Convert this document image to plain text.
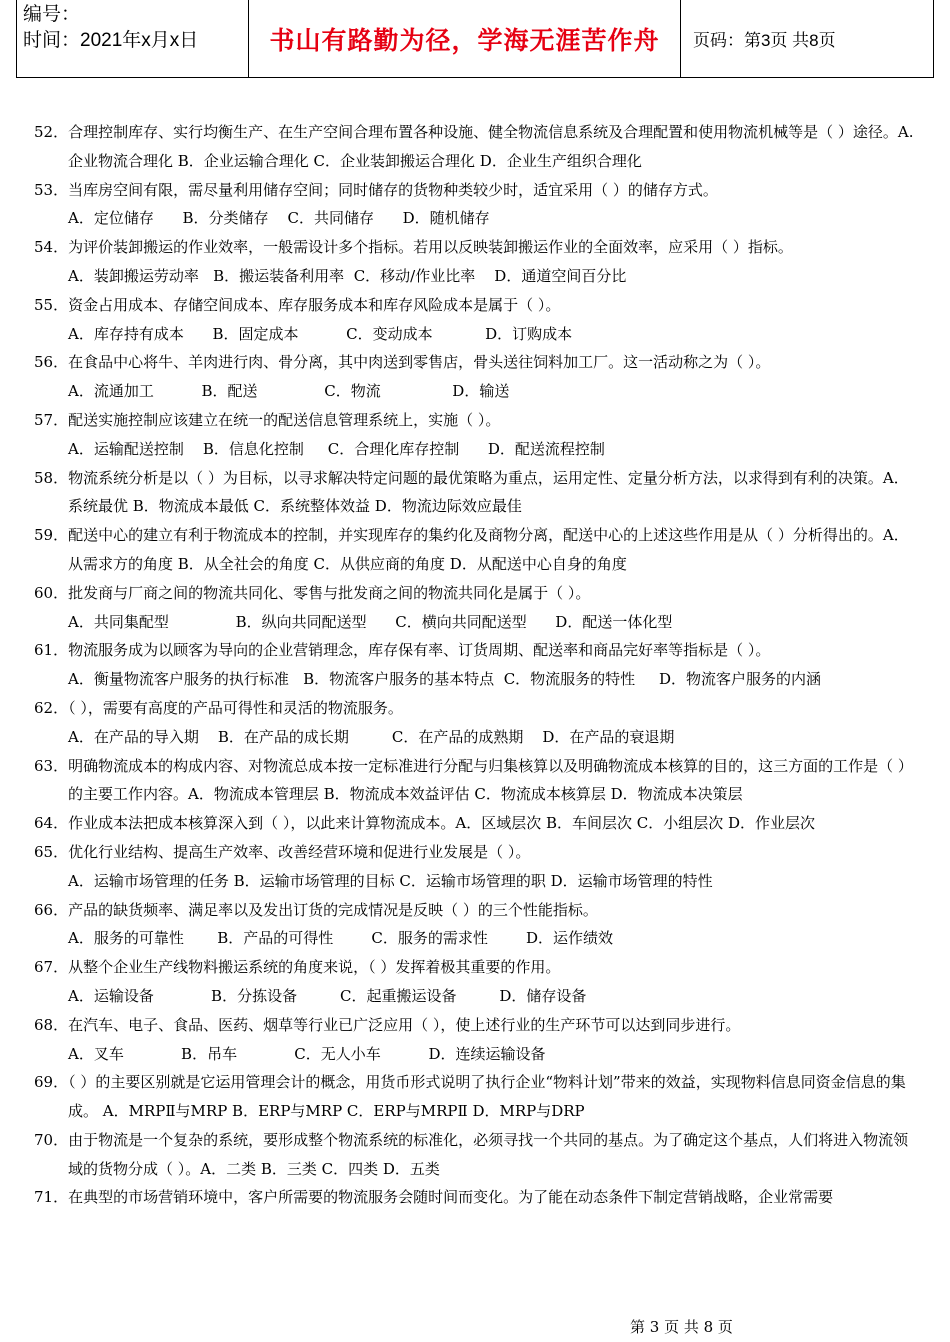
编号：
时间：2021年x月x日	书山有路勤为径，学海无涯苦作舟	页码：第3页 共8页
52．合理控制库存、实行均衡生产、在生产空间合理布置各种设施、健全物流信息系统及合理配置和使用物流机械等是（ ）途径。A. 企业物流合理化 B．企业运输合理化 C．企业装卸搬运合理化 D．企业生产组织合理化
53．当库房空间有限，需尽量利用储存空间；同时储存的货物种类较少时，适宜采用（ ）的储存方式。
A．定位储存      B．分类储存    C．共同储存      D．随机储存
54．为评价装卸搬运的作业效率，一般需设计多个指标。若用以反映装卸搬运作业的全面效率，应采用（ ）指标。
A．装卸搬运劳动率   B．搬运装备利用率  C．移动/作业比率    D．通道空间百分比
55．资金占用成本、存储空间成本、库存服务成本和库存风险成本是属于（ ）。
A．库存持有成本      B．固定成本          C．变动成本           D．订购成本
56．在食品中心将牛、羊肉进行肉、骨分离，其中肉送到零售店，骨头送往饲料加工厂。这一活动称之为（ ）。
A．流通加工          B．配送              C．物流               D．输送
57．配送实施控制应该建立在统一的配送信息管理系统上，实施（ ）。
A．运输配送控制    B．信息化控制     C．合理化库存控制      D．配送流程控制
58．物流系统分析是以（ ）为目标，以寻求解决特定问题的最优策略为重点，运用定性、定量分析方法，以求得到有利的决策。A．系统最优 B．物流成本最低 C．系统整体效益 D．物流边际效应最佳
59．配送中心的建立有利于物流成本的控制，并实现库存的集约化及商物分离，配送中心的上述这些作用是从（ ）分析得出的。A．从需求方的角度 B．从全社会的角度 C．从供应商的角度 D．从配送中心自身的角度
60．批发商与厂商之间的物流共同化、零售与批发商之间的物流共同化是属于（ ）。
A．共同集配型              B．纵向共同配送型      C．横向共同配送型      D．配送一体化型
61．物流服务成为以顾客为导向的企业营销理念，库存保有率、订货周期、配送率和商品完好率等指标是（ ）。
A．衡量物流客户服务的执行标准   B．物流客户服务的基本特点  C．物流服务的特性     D．物流客户服务的内涵
62．（ ），需要有高度的产品可得性和灵活的物流服务。
A．在产品的导入期    B．在产品的成长期         C．在产品的成熟期    D．在产品的衰退期
63．明确物流成本的构成内容、对物流总成本按一定标准进行分配与归集核算以及明确物流成本核算的目的，这三方面的工作是（ ）的主要工作内容。A．物流成本管理层 B．物流成本效益评估 C．物流成本核算层 D．物流成本决策层
64．作业成本法把成本核算深入到（ ），以此来计算物流成本。A．区域层次 B．车间层次 C．小组层次 D．作业层次
65．优化行业结构、提高生产效率、改善经营环境和促进行业发展是（ ）。
A．运输市场管理的任务 B．运输市场管理的目标 C．运输市场管理的职 D．运输市场管理的特性
66．产品的缺货频率、满足率以及发出订货的完成情况是反映（ ）的三个性能指标。
A．服务的可靠性       B．产品的可得性        C．服务的需求性        D．运作绩效
67．从整个企业生产线物料搬运系统的角度来说，（ ）发挥着极其重要的作用。
A．运输设备            B．分拣设备         C．起重搬运设备         D．储存设备
68．在汽车、电子、食品、医药、烟草等行业已广泛应用（ ），使上述行业的生产环节可以达到同步进行。
A．叉车            B．吊车            C．无人小车          D．连续运输设备
69．（ ）的主要区别就是它运用管理会计的概念，用货币形式说明了执行企业“物料计划”带来的效益，实现物料信息同资金信息的集成。 A．MRPⅡ与MRP B．ERP与MRP C．ERP与MRPⅡ D．MRP与DRP
70．由于物流是一个复杂的系统，要形成整个物流系统的标准化，必须寻找一个共同的基点。为了确定这个基点，人们将进入物流领域的货物分成（ ）。A．二类 B．三类 C．四类 D．五类
71．在典型的市场营销环境中，客户所需要的物流服务会随时间而变化。为了能在动态条件下制定营销战略，企业常需要
第 3 页 共 8 页
